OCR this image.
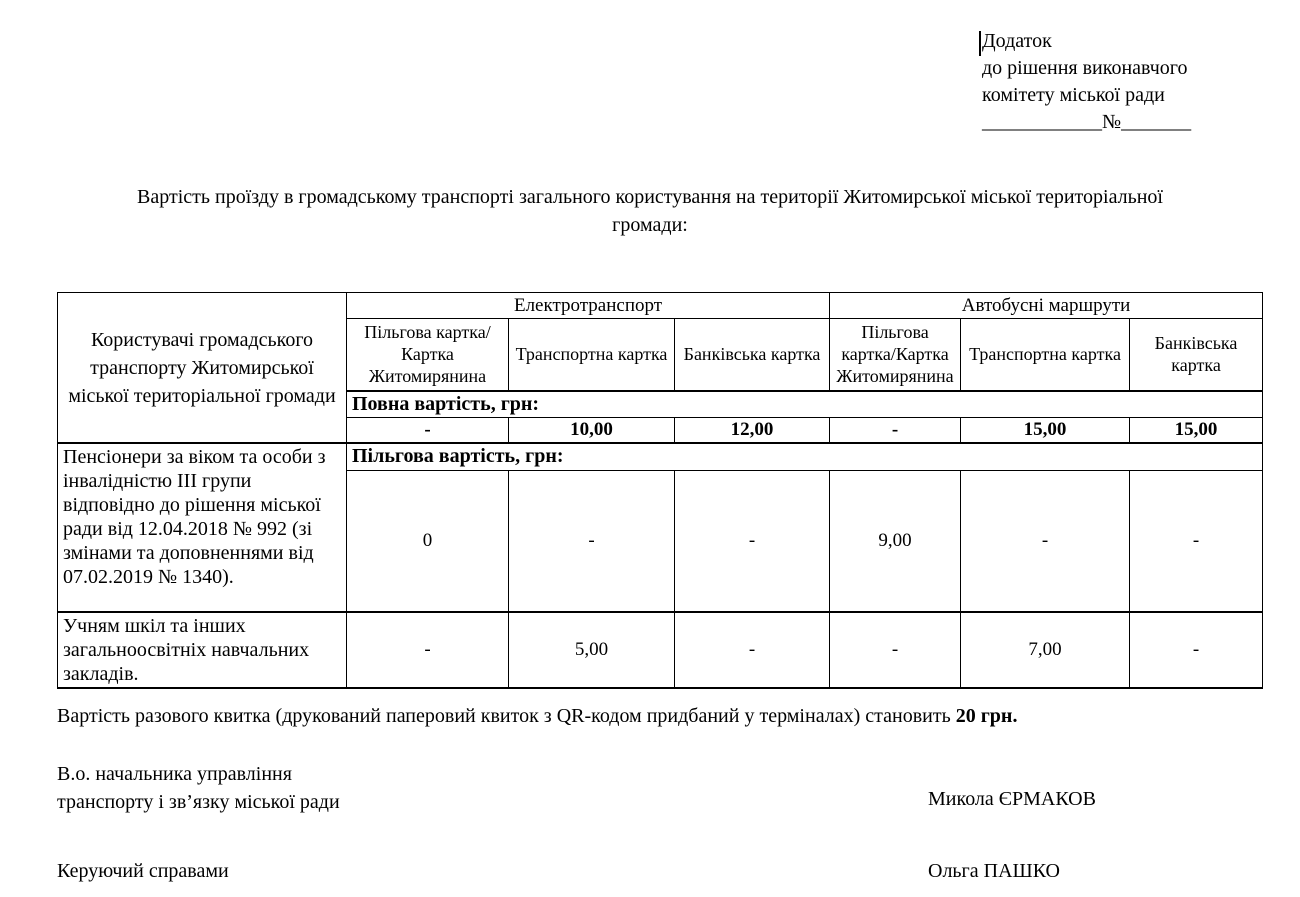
Додаток
до рішення виконавчого
комітету міської ради
____________№_______
Вартість проїзду в громадському транспорті загального користування на території Житомирської міської територіальної громади:
Користувачі громадського транспорту Житомирської міської територіальної громади	Електротранспорт			Автобусні маршрути		
	Пільгова картка/Картка Житомирянина	Транспортна картка	Банківська картка	Пільгова картка/Картка Житомирянина	Транспортна картка	Банківська картка
	Повна вартість, грн:					
	-	10,00	12,00	-	15,00	15,00
Пенсіонери за віком та особи з інвалідністю ІІІ групи відповідно до рішення міської ради від 12.04.2018 № 992 (зі змінами та доповненнями від 07.02.2019 № 1340).	Пільгова вартість, грн:					
	0	-	-	9,00	-	-
Учням шкіл та інших загальноосвітніх навчальних закладів.	-	5,00	-	-	7,00	-
Вартість разового квитка (друкований паперовий квиток з QR-кодом придбаний у терміналах) становить 20 грн.
В.о. начальника управління
транспорту і зв’язку міської ради	Микола ЄРМАКОВ
Керуючий справами	Ольга ПАШКО
